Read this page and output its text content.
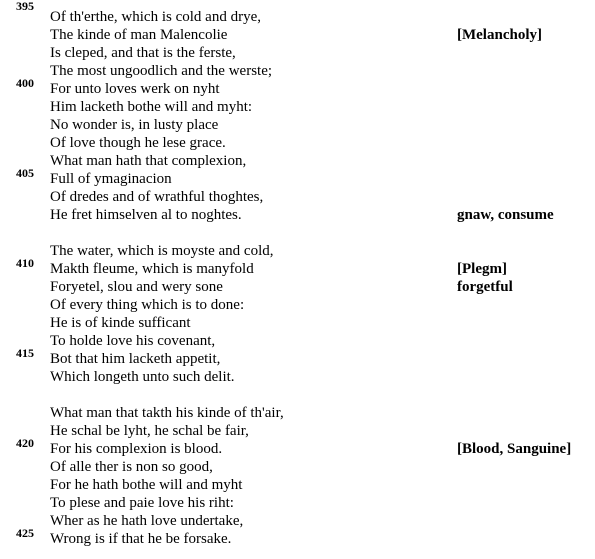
395
Of th'erthe, which is cold and drye,
The kinde of man Malencolie	[Melancholy]
Is cleped, and that is the ferste,
The most ungoodlich and the werste;
400 For unto loves werk on nyht
Him lacketh bothe will and myht:
No wonder is, in lusty place
Of love though he lese grace.
What man hath that complexion,
405 Full of ymaginacion
Of dredes and of wrathful thoghtes,
He fret himselven al to noghtes.	gnaw, consume
The water, which is moyste and cold,
410 Makth fleume, which is manyfold	[Plegm]
Foryetel, slou and wery sone	forgetful
Of every thing which is to done:
He is of kinde sufficant
To holde love his covenant,
415 Bot that him lacketh appetit,
Which longeth unto such delit.
What man that takth his kinde of th'air,
He schal be lyht, he schal be fair,
420 For his complexion is blood.	[Blood, Sanguine]
Of alle ther is non so good,
For he hath bothe will and myht
To plese and paie love his riht:
Wher as he hath love undertake,
425 Wrong is if that he be forsake.
